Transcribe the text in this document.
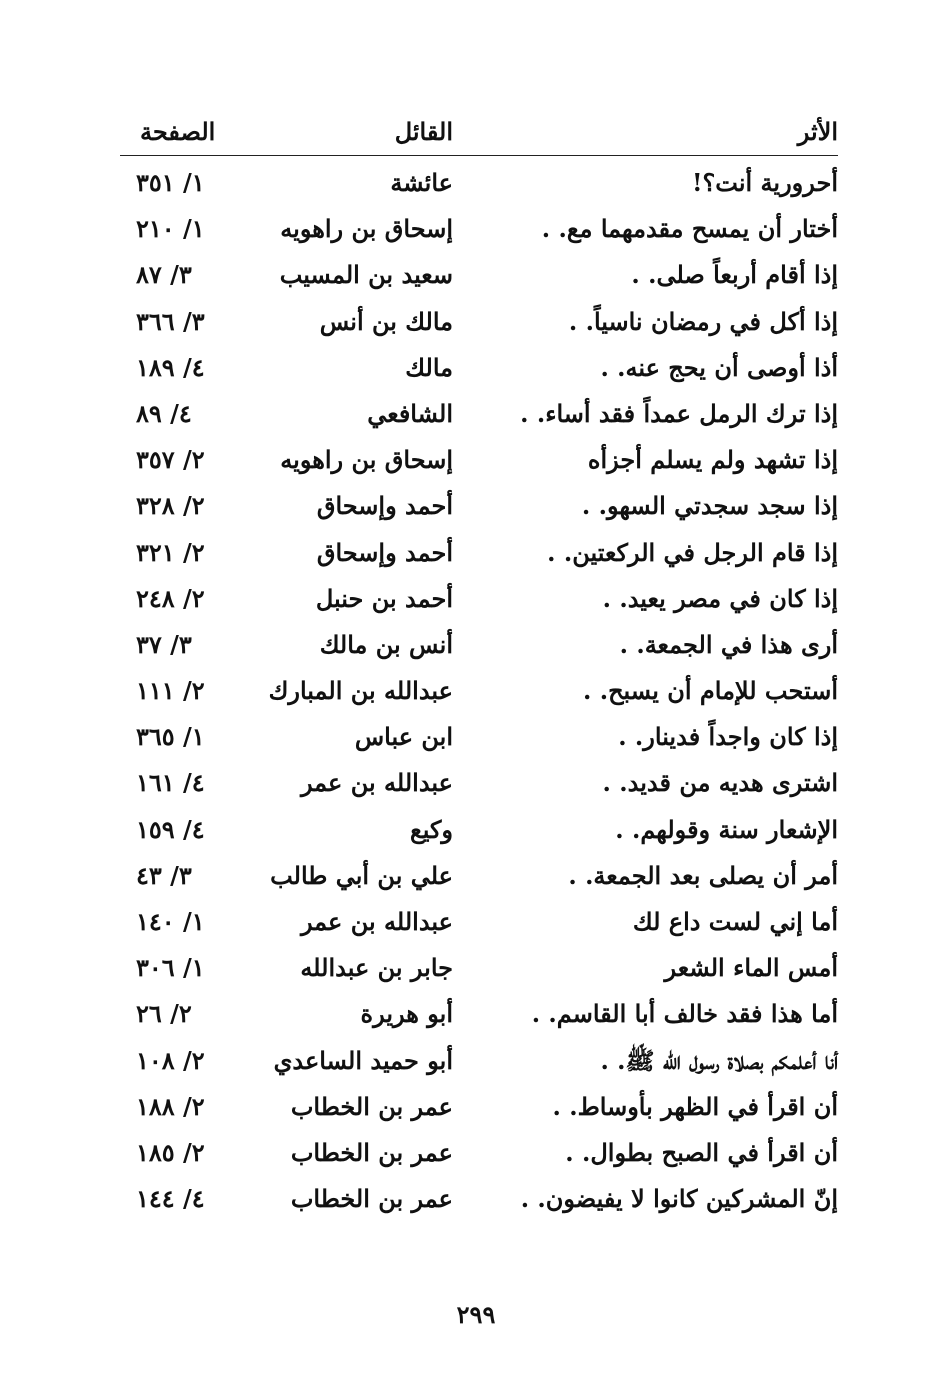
الأثر
القائل
الصفحة
أحرورية أنت؟!
عائشة
١/ ٣٥١
أختار أن يمسح مقدمهما مع. .
إسحاق بن راهويه
١/ ٢١٠
إذا أقام أربعاً صلى. .
سعيد بن المسيب
٣/ ٨٧
إذا أكل في رمضان ناسياً. .
مالك بن أنس
٣/ ٣٦٦
أذا أوصى أن يحج عنه. .
مالك
٤/ ١٨٩
إذا ترك الرمل عمداً فقد أساء. .
الشافعي
٤/ ٨٩
إذا تشهد ولم يسلم أجزأه
إسحاق بن راهويه
٢/ ٣٥٧
إذا سجد سجدتي السهو. .
أحمد وإسحاق
٢/ ٣٢٨
إذا قام الرجل في الركعتين. .
أحمد وإسحاق
٢/ ٣٢١
إذا كان في مصر يعيد. .
أحمد بن حنبل
٢/ ٢٤٨
أرى هذا في الجمعة. .
أنس بن مالك
٣/ ٣٧
أستحب للإمام أن يسبح. .
عبدالله بن المبارك
٢/ ١١١
إذا كان واجداً فدينار. .
ابن عباس
١/ ٣٦٥
اشترى هديه من قديد. .
عبدالله بن عمر
٤/ ١٦١
الإشعار سنة وقولهم. .
وكيع
٤/ ١٥٩
أمر أن يصلى بعد الجمعة. .
علي بن أبي طالب
٣/ ٤٣
أما إني لست داع لك
عبدالله بن عمر
١/ ١٤٠
أمس الماء الشعر
جابر بن عبدالله
١/ ٣٠٦
أما هذا فقد خالف أبا القاسم. .
أبو هريرة
٢/ ٢٦
أنا أعلمكم بصلاة رسول الله ﷺ. .
أبو حميد الساعدي
٢/ ١٠٨
أن اقرأ في الظهر بأوساط. .
عمر بن الخطاب
٢/ ١٨٨
أن اقرأ في الصبح بطوال. .
عمر بن الخطاب
٢/ ١٨٥
إنّ المشركين كانوا لا يفيضون. .
عمر بن الخطاب
٤/ ١٤٤
٢٩٩
